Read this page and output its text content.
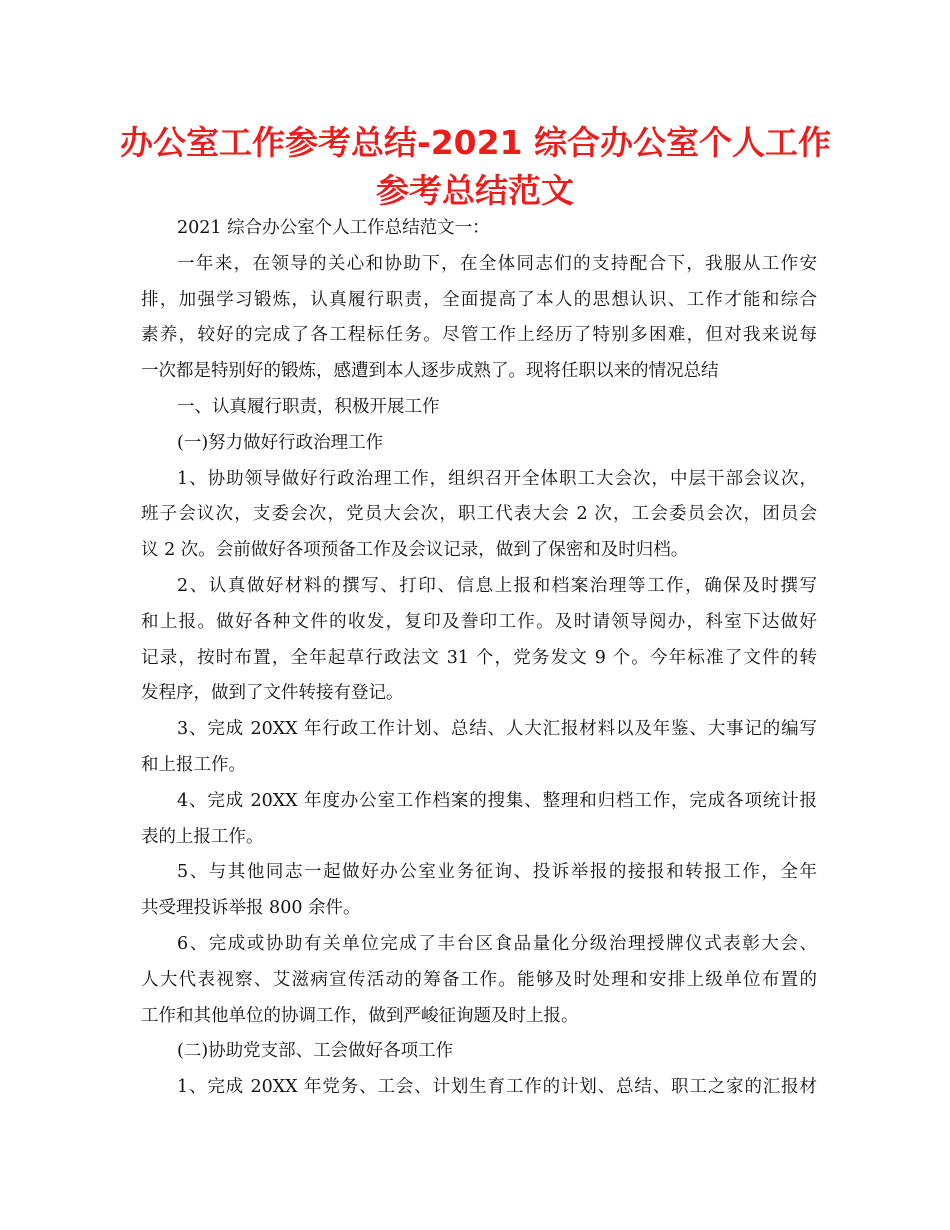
办公室工作参考总结-2021 综合办公室个人工作
参考总结范文
2021 综合办公室个人工作总结范文一：
一年来，在领导的关心和协助下，在全体同志们的支持配合下，我服从工作安
排，加强学习锻炼，认真履行职责，全面提高了本人的思想认识、工作才能和综合
素养，较好的完成了各工程标任务。尽管工作上经历了特别多困难，但对我来说每
一次都是特别好的锻炼，感遭到本人逐步成熟了。现将任职以来的情况总结
一、认真履行职责，积极开展工作
(一)努力做好行政治理工作
1、协助领导做好行政治理工作，组织召开全体职工大会次，中层干部会议次，
班子会议次，支委会次，党员大会次，职工代表大会 2 次，工会委员会次，团员会
议 2 次。会前做好各项预备工作及会议记录，做到了保密和及时归档。
2、认真做好材料的撰写、打印、信息上报和档案治理等工作，确保及时撰写
和上报。做好各种文件的收发，复印及誊印工作。及时请领导阅办，科室下达做好
记录，按时布置，全年起草行政法文 31 个，党务发文 9 个。今年标准了文件的转
发程序，做到了文件转接有登记。
3、完成 20XX 年行政工作计划、总结、人大汇报材料以及年鉴、大事记的编写
和上报工作。
4、完成 20XX 年度办公室工作档案的搜集、整理和归档工作，完成各项统计报
表的上报工作。
5、与其他同志一起做好办公室业务征询、投诉举报的接报和转报工作，全年
共受理投诉举报 800 余件。
6、完成或协助有关单位完成了丰台区食品量化分级治理授牌仪式表彰大会、
人大代表视察、艾滋病宣传活动的筹备工作。能够及时处理和安排上级单位布置的
工作和其他单位的协调工作，做到严峻征询题及时上报。
(二)协助党支部、工会做好各项工作
1、完成 20XX 年党务、工会、计划生育工作的计划、总结、职工之家的汇报材
